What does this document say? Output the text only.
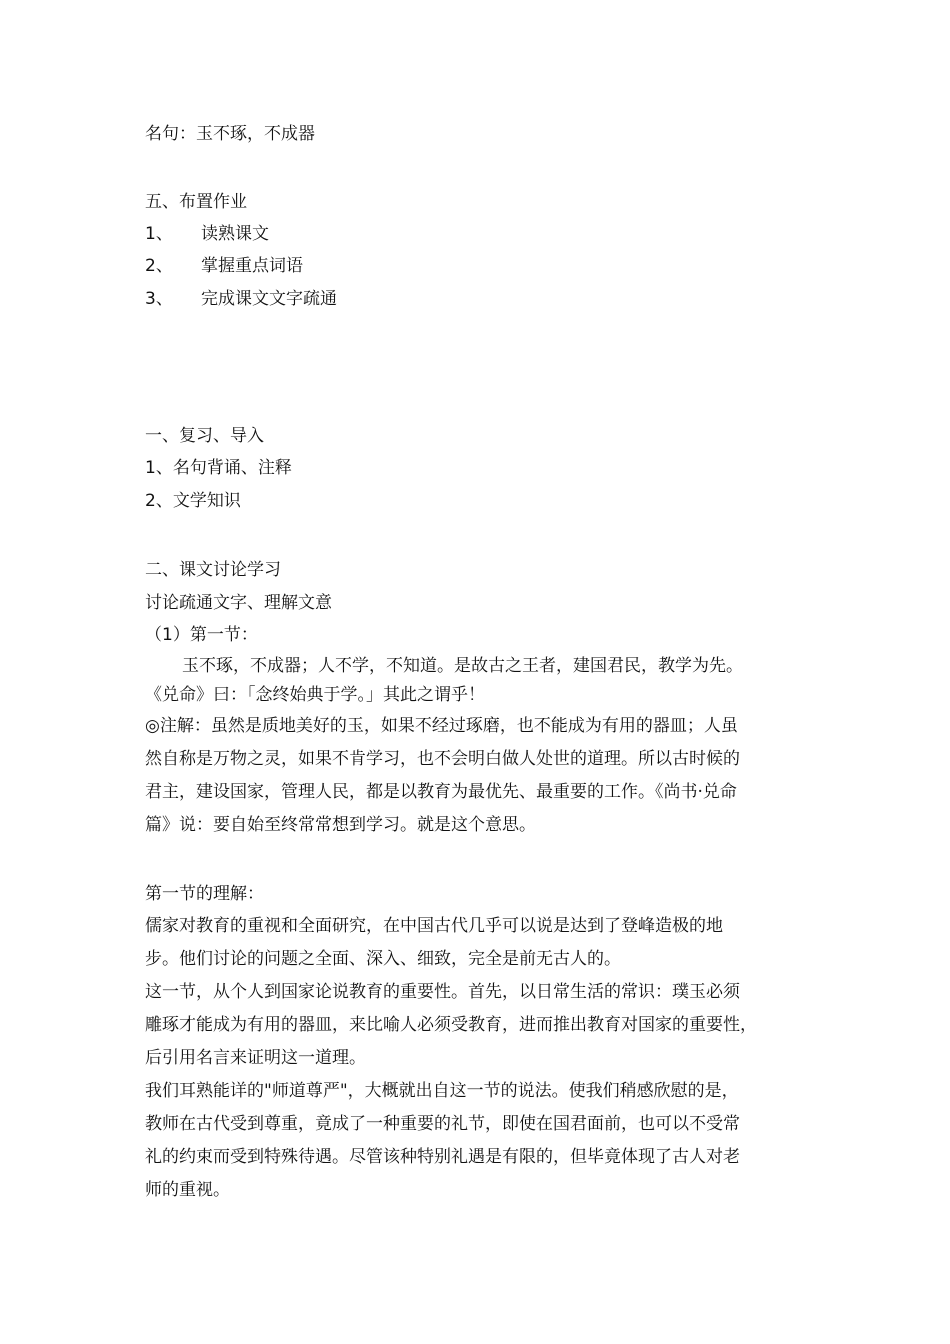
名句：玉不琢，不成器
五、布置作业
1、 读熟课文
2、 掌握重点词语
3、 完成课文文字疏通
一、复习、导入
1、名句背诵、注释
2、文学知识
二、课文讨论学习
讨论疏通文字、理解文意
（1）第一节：
玉不琢，不成器；人不学，不知道。是故古之王者，建国君民，教学为先。
《兑命》曰：「念终始典于学。」其此之谓乎！
◎注解：虽然是质地美好的玉，如果不经过琢磨，也不能成为有用的器皿；人虽
然自称是万物之灵，如果不肯学习，也不会明白做人处世的道理。所以古时候的
君主，建设国家，管理人民，都是以教育为最优先、最重要的工作。《尚书·兑命
篇》说：要自始至终常常想到学习。就是这个意思。
第一节的理解：
儒家对教育的重视和全面研究，在中国古代几乎可以说是达到了登峰造极的地
步。他们讨论的问题之全面、深入、细致，完全是前无古人的。
这一节，从个人到国家论说教育的重要性。首先，以日常生活的常识：璞玉必须
雕琢才能成为有用的器皿，来比喻人必须受教育，进而推出教育对国家的重要性，
后引用名言来证明这一道理。
我们耳熟能详的"师道尊严"，大概就出自这一节的说法。使我们稍感欣慰的是，
教师在古代受到尊重，竟成了一种重要的礼节，即使在国君面前，也可以不受常
礼的约束而受到特殊待遇。尽管该种特别礼遇是有限的，但毕竟体现了古人对老
师的重视。
